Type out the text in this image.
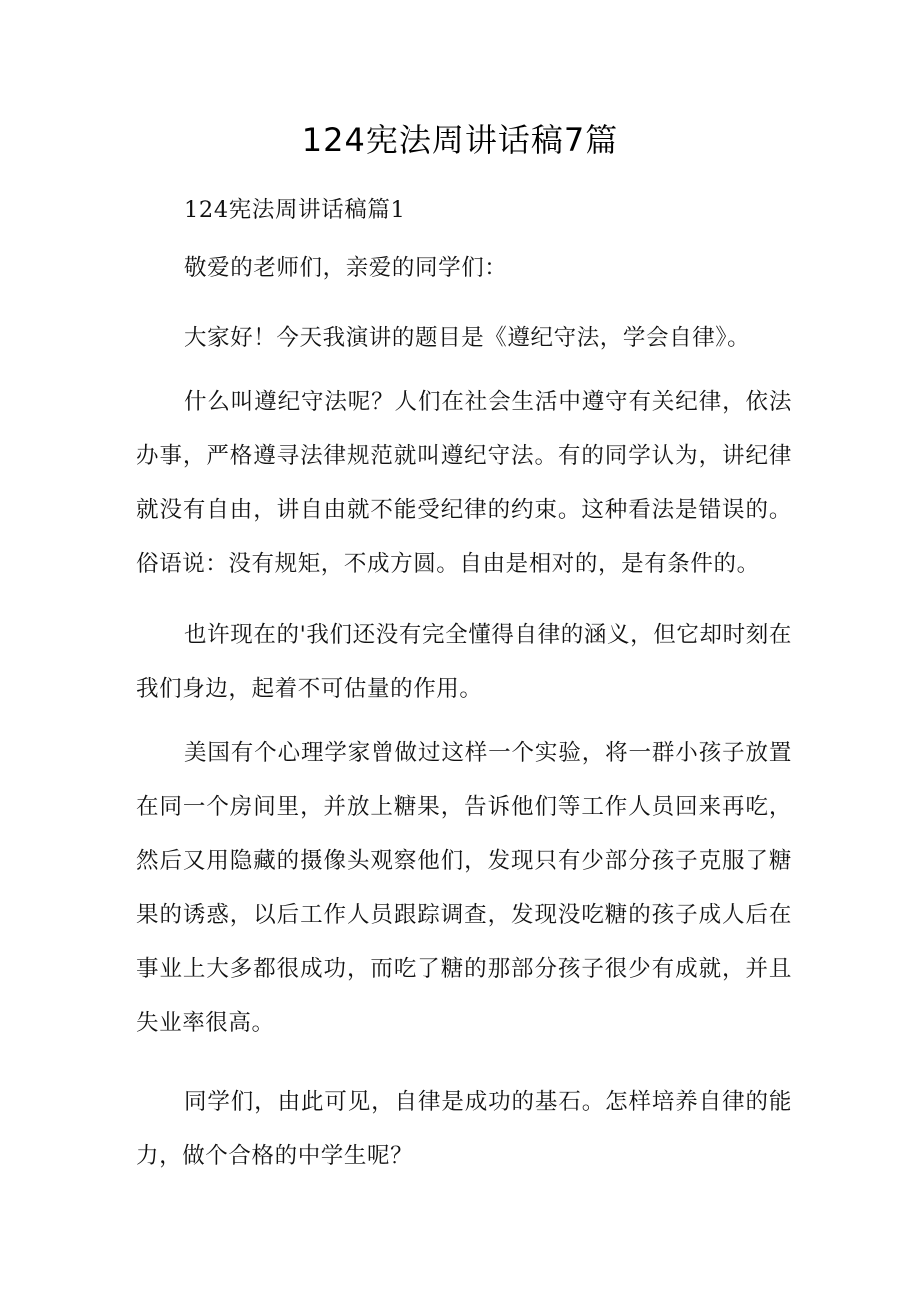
124宪法周讲话稿7篇

124宪法周讲话稿篇1

敬爱的老师们，亲爱的同学们：

大家好！今天我演讲的题目是《遵纪守法，学会自律》。

什么叫遵纪守法呢？人们在社会生活中遵守有关纪律，依法办事，严格遵寻法律规范就叫遵纪守法。有的同学认为，讲纪律就没有自由，讲自由就不能受纪律的约束。这种看法是错误的。俗语说：没有规矩，不成方圆。自由是相对的，是有条件的。

也许现在的'我们还没有完全懂得自律的涵义，但它却时刻在我们身边，起着不可估量的作用。

美国有个心理学家曾做过这样一个实验，将一群小孩子放置在同一个房间里，并放上糖果，告诉他们等工作人员回来再吃，然后又用隐藏的摄像头观察他们，发现只有少部分孩子克服了糖果的诱惑，以后工作人员跟踪调查，发现没吃糖的孩子成人后在事业上大多都很成功，而吃了糖的那部分孩子很少有成就，并且失业率很高。

同学们，由此可见，自律是成功的基石。怎样培养自律的能力，做个合格的中学生呢？
